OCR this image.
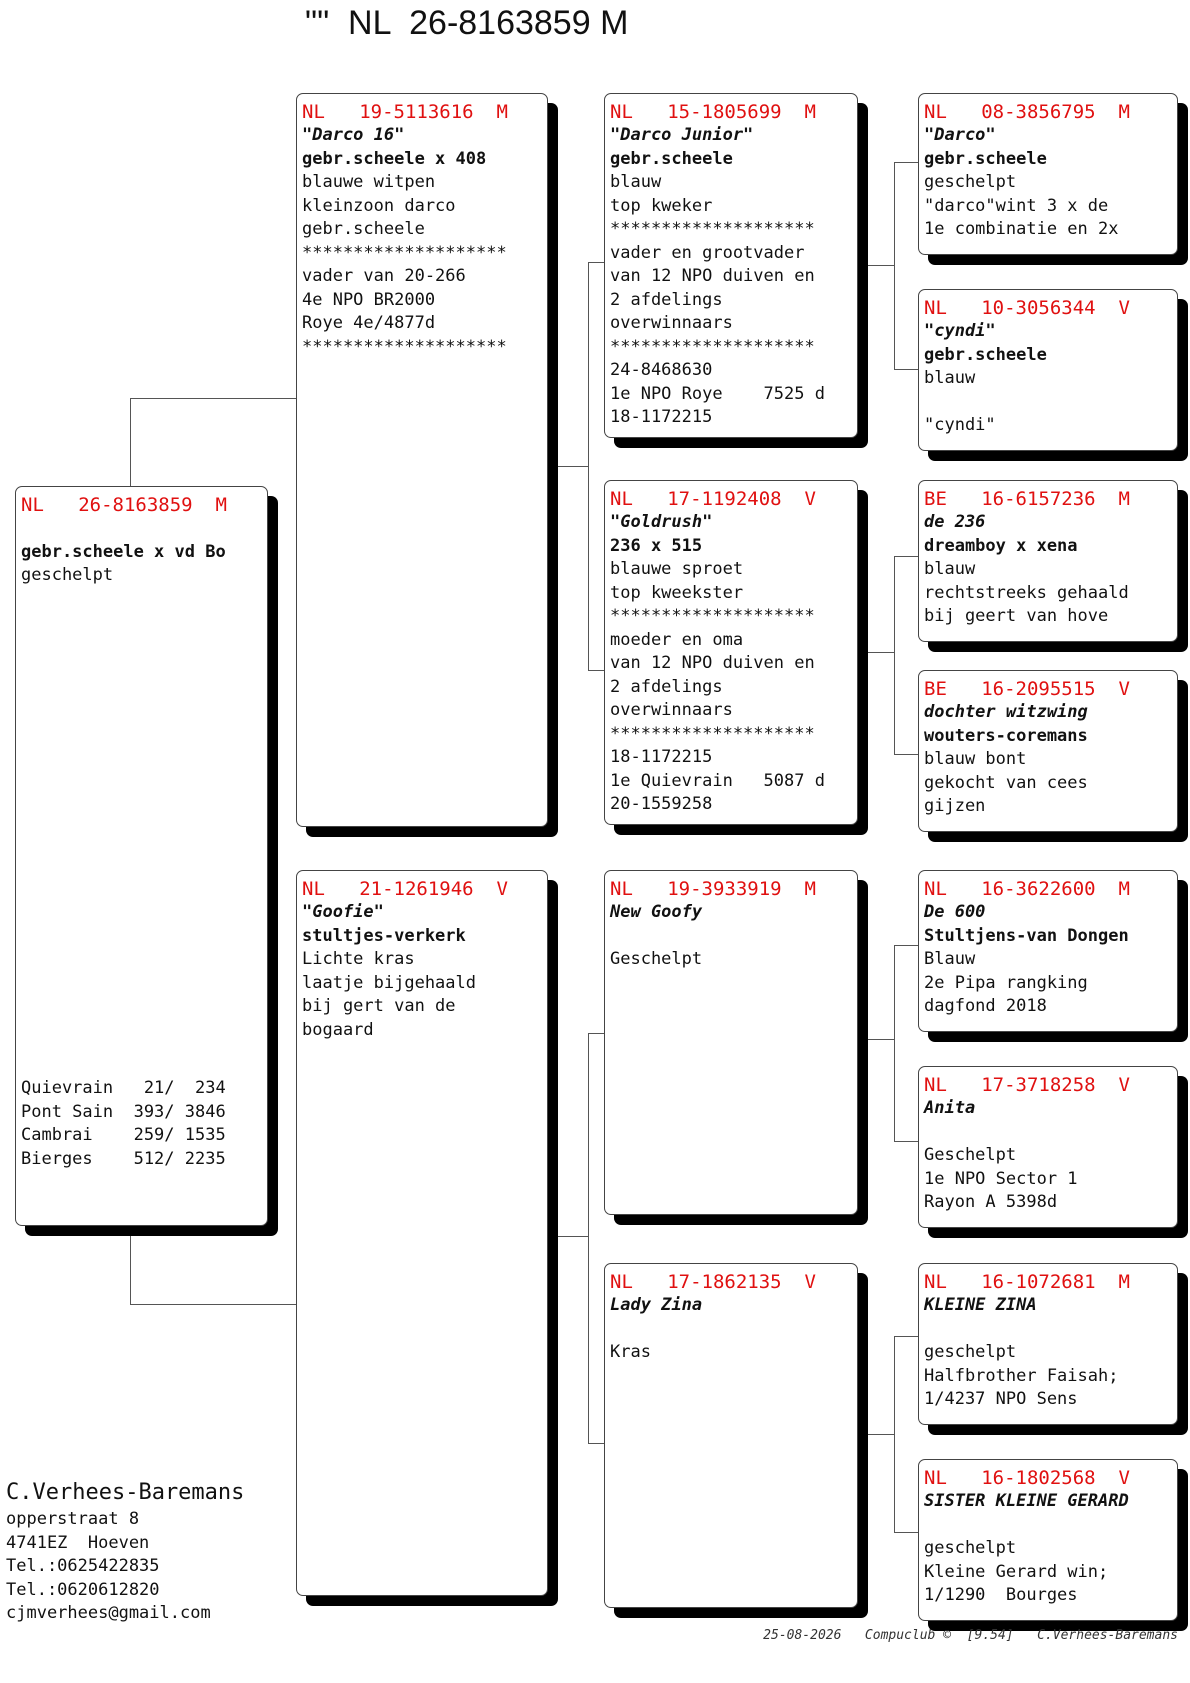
""  NL  26-8163859 M
NL   26-8163859  M
gebr.scheele x vd Bo
geschelpt
Quievrain   21/  234
Pont Sain  393/ 3846
Cambrai    259/ 1535
Bierges    512/ 2235
NL   19-5113616  M
"Darco 16"
gebr.scheele x 408
blauwe witpen
kleinzoon darco
gebr.scheele
********************
vader van 20-266
4e NPO BR2000
Roye 4e/4877d
********************
NL   21-1261946  V
"Goofie"
stultjes-verkerk
Lichte kras
laatje bijgehaald
bij gert van de
bogaard
NL   15-1805699  M
"Darco Junior"
gebr.scheele
blauw
top kweker
********************
vader en grootvader
van 12 NPO duiven en
2 afdelings
overwinnaars
********************
24-8468630
1e NPO Roye    7525 d
18-1172215
NL   17-1192408  V
"Goldrush"
236 x 515
blauwe sproet
top kweekster
********************
moeder en oma
van 12 NPO duiven en
2 afdelings
overwinnaars
********************
18-1172215
1e Quievrain   5087 d
20-1559258
NL   19-3933919  M
New Goofy
Geschelpt
NL   17-1862135  V
Lady Zina
Kras
NL   08-3856795  M
"Darco"
gebr.scheele
geschelpt
"darco"wint 3 x de
1e combinatie en 2x
NL   10-3056344  V
"cyndi"
gebr.scheele
blauw
"cyndi"
BE   16-6157236  M
de 236
dreamboy x xena
blauw
rechtstreeks gehaald
bij geert van hove
BE   16-2095515  V
dochter witzwing
wouters-coremans
blauw bont
gekocht van cees
gijzen
NL   16-3622600  M
De 600
Stultjens-van Dongen
Blauw
2e Pipa rangking
dagfond 2018
NL   17-3718258  V
Anita
Geschelpt
1e NPO Sector 1
Rayon A 5398d
NL   16-1072681  M
KLEINE ZINA
geschelpt
Halfbrother Faisah;
1/4237 NPO Sens
NL   16-1802568  V
SISTER KLEINE GERARD
geschelpt
Kleine Gerard win;
1/1290  Bourges
C.Verhees-Baremans
opperstraat 8
4741EZ  Hoeven
Tel.:0625422835
Tel.:0620612820
cjmverhees@gmail.com
25-08-2026   Compuclub ©  [9.54]   C.Verhees-Baremans
